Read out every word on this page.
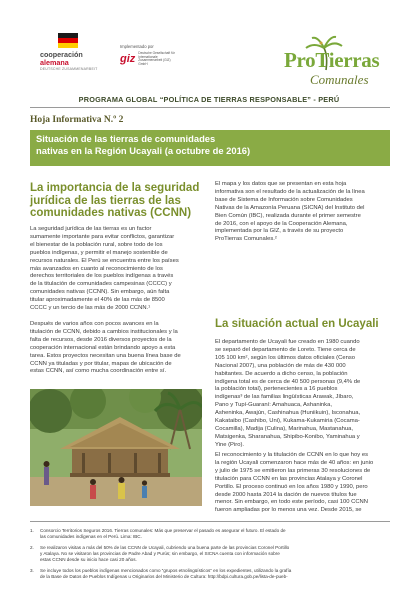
cooperación
alemana
DEUTSCHE ZUSAMMENARBEIT
Implementado por
giz Deutsche Gesellschaft für Internationale Zusammenarbeit (GIZ) GmbH	ProTierras
Comunales
PROGRAMA GLOBAL “POLÍTICA DE TIERRAS RESPONSABLE” - PERÚ
Hoja Informativa N.º 2
Situación de las tierras de comunidades
nativas en la Región Ucayali (a octubre de 2016)
La importancia de la seguridad
jurídica de las tierras de las
comunidades nativas (CCNN)
La seguridad jurídica de las tierras es un factor
sumamente importante para evitar conflictos, garantizar
el bienestar de la población rural, sobre todo de los
pueblos indígenas, y permitir el manejo sostenible de
recursos naturales. El Perú se encuentra entre los países
más avanzados en cuanto al reconocimiento de los
derechos territoriales de los pueblos indígenas a través
de la titulación de comunidades campesinas (CCCC) y
comunidades nativas (CCNN). Sin embargo, aún falta
titular aproximadamente el 40% de las más de 8500
CCCC y un tercio de las más de 2000 CCNN.¹
Después de varios años con pocos avances en la
titulación de CCNN, debido a cambios institucionales y la
falta de recursos, desde 2016 diversos proyectos de la
cooperación internacional están brindando apoyo a esta
tarea. Estos proyectos necesitan una buena línea base de
CCNN ya tituladas y por titular, mapas de ubicación de
estas CCNN, así como mucha coordinación entre sí.
El mapa y los datos que se presentan en esta hoja
informativa son el resultado de la actualización de la línea
base de Sistema de Información sobre Comunidades
Nativas de la Amazonía Peruana (SICNA) del Instituto del
Bien Común (IBC), realizada durante el primer semestre
de 2016, con el apoyo de la Cooperación Alemana,
implementada por la GIZ, a través de su proyecto
ProTierras Comunales.²
La situación actual en Ucayali
El departamento de Ucayali fue creado en 1980 cuando
se separó del departamento de Loreto. Tiene cerca de
105 100 km², según los últimos datos oficiales (Censo
Nacional 2007), una población de más de 430 000
habitantes. De acuerdo a dicho censo, la población
indígena total es de cerca de 40 500 personas (9,4% de
la población total), pertenecientes a 16 pueblos
indígenas³ de las familias lingüísticas Arawak, Jíbaro,
Pano y Tupí-Guaraní: Amahuaca, Ashaninka,
Asheninka, Awajún, Cashinahua (Huniikuin), Isconahua,
Kakataibo (Cashibo, Uni), Kukama-Kukamiria (Cocama-
Cocamilla), Madija (Culina), Marinahua, Mastanahua,
Matsigenka, Sharanahua, Shipibo-Konibo, Yaminahua y
Yine (Piro).
El reconocimiento y la titulación de CCNN en lo que hoy es
la región Ucayali comenzaron hace más de 40 años: en junio
y julio de 1975 se emitieron las primeras 30 resoluciones de
titulación para CCNN en las provincias Atalaya y Coronel
Portillo. El proceso continuó en los años 1980 y 1990, pero
desde 2000 hasta 2014 la dación de nuevos títulos fue
menor. Sin embargo, en todo este período, casi 100 CCNN
fueron ampliadas por lo menos una vez. Desde 2015, se
1. Consorcio Territorios Seguros 2016. Tierras comunales: Más que preservar el pasado es asegurar el futuro. El estado de
las comunidades indígenas en el Perú. Lima: IBC.
2. Se realizaron visitas a más del 50% de las CCNN de Ucayali, cubriendo una buena parte de las provincias Coronel Portillo
y Atalaya. No se visitaron las provincias de Padre Abad y Purús; sin embargo, el SICNA cuenta con información sobre
estas CCNN desde su inicio hace casi 20 años.
3. Se incluye todos los pueblos indígenas mencionados como “grupos etnolingüísticos” en los expedientes, utilizando la grafía
de la Base de Datos de Pueblos Indígenas u Originarios del Ministerio de Cultura: http://bdpi.cultura.gob.pe/lista-de-pueb-
